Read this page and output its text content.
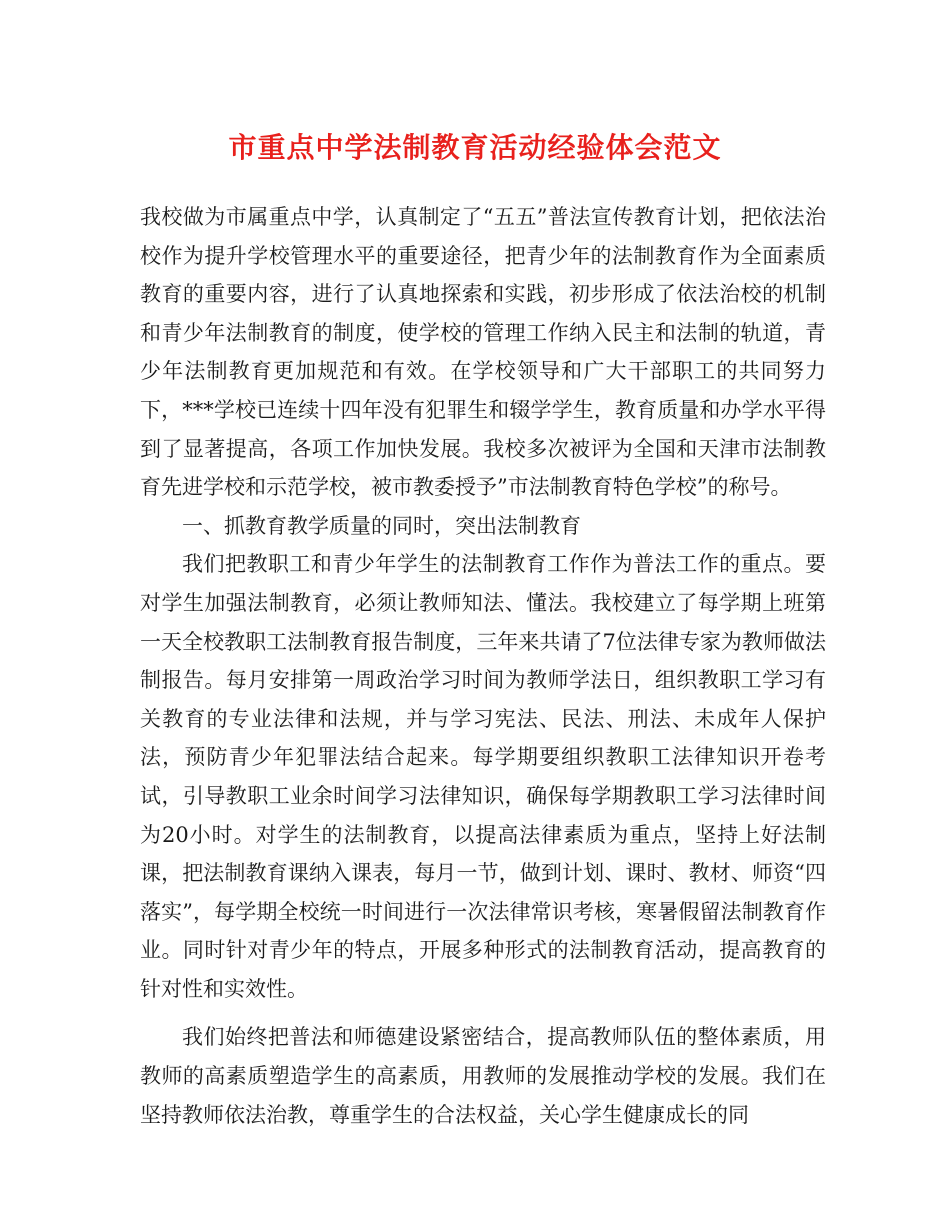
市重点中学法制教育活动经验体会范文

我校做为市属重点中学，认真制定了“五五”普法宣传教育计划，把依法治校作为提升学校管理水平的重要途径，把青少年的法制教育作为全面素质教育的重要内容，进行了认真地探索和实践，初步形成了依法治校的机制和青少年法制教育的制度，使学校的管理工作纳入民主和法制的轨道，青少年法制教育更加规范和有效。在学校领导和广大干部职工的共同努力下，***学校已连续十四年没有犯罪生和辍学学生，教育质量和办学水平得到了显著提高，各项工作加快发展。我校多次被评为全国和天津市法制教育先进学校和示范学校，被市教委授予”市法制教育特色学校”的称号。

一、抓教育教学质量的同时，突出法制教育

我们把教职工和青少年学生的法制教育工作作为普法工作的重点。要对学生加强法制教育，必须让教师知法、懂法。我校建立了每学期上班第一天全校教职工法制教育报告制度，三年来共请了7位法律专家为教师做法制报告。每月安排第一周政治学习时间为教师学法日，组织教职工学习有关教育的专业法律和法规，并与学习宪法、民法、刑法、未成年人保护法，预防青少年犯罪法结合起来。每学期要组织教职工法律知识开卷考试，引导教职工业余时间学习法律知识，确保每学期教职工学习法律时间为20小时。对学生的法制教育，以提高法律素质为重点，坚持上好法制课，把法制教育课纳入课表，每月一节，做到计划、课时、教材、师资“四落实”，每学期全校统一时间进行一次法律常识考核，寒暑假留法制教育作业。同时针对青少年的特点，开展多种形式的法制教育活动，提高教育的针对性和实效性。

我们始终把普法和师德建设紧密结合，提高教师队伍的整体素质，用教师的高素质塑造学生的高素质，用教师的发展推动学校的发展。我们在坚持教师依法治教，尊重学生的合法权益，关心学生健康成长的同
